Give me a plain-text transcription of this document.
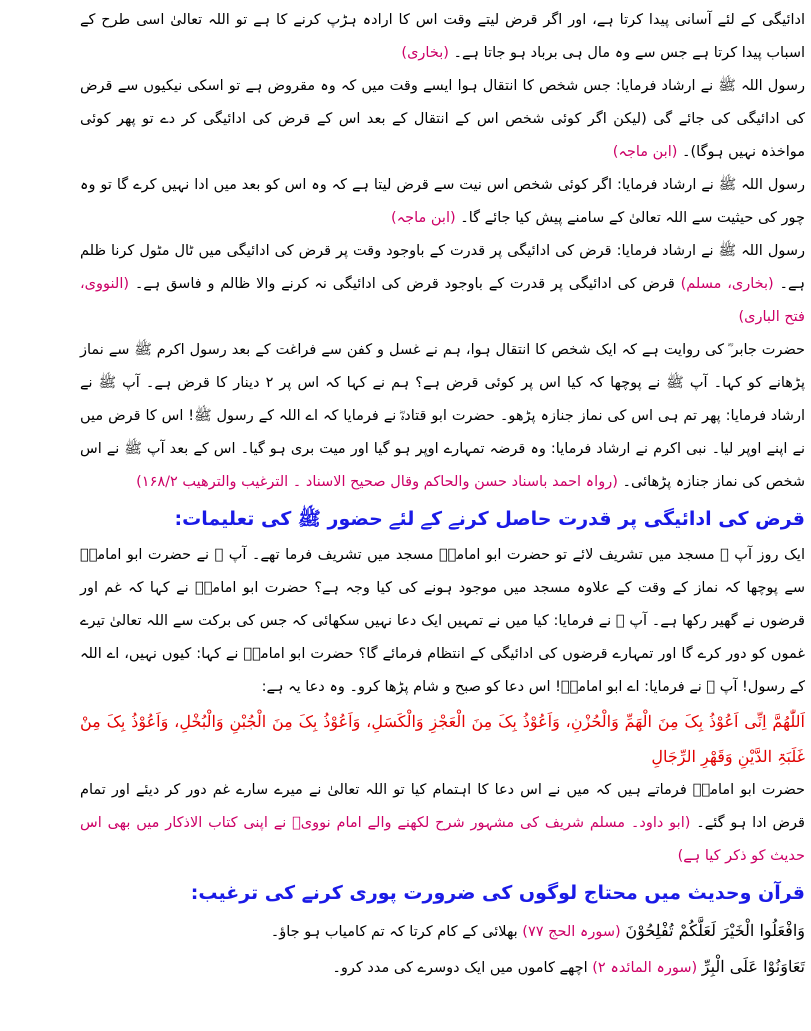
ادائیگی کے لئے آسانی پیدا کرتا ہے، اور اگر قرض لیتے وقت اس کا ارادہ ہڑپ کرنے کا ہے تو اللہ تعالیٰ اسی طرح کے اسباب پیدا کرتا ہے جس سے وہ مال ہی برباد ہو جاتا ہے۔ (بخاری)

رسول اللہ ﷺ نے ارشاد فرمایا: جس شخص کا انتقال ہوا ایسے وقت میں کہ وہ مقروض ہے تو اسکی نیکیوں سے قرض کی ادائیگی کی جائے گی (لیکن اگر کوئی شخص اس کے انتقال کے بعد اس کے قرض کی ادائیگی کر دے تو پھر کوئی مواخذہ نہیں ہوگا)۔ (ابن ماجہ)

رسول اللہ ﷺ نے ارشاد فرمایا: اگر کوئی شخص اس نیت سے قرض لیتا ہے کہ وہ اس کو بعد میں ادا نہیں کرے گا تو وہ چور کی حیثیت سے اللہ تعالیٰ کے سامنے پیش کیا جائے گا۔ (ابن ماجہ)

رسول اللہ ﷺ نے ارشاد فرمایا: قرض کی ادائیگی پر قدرت کے باوجود وقت پر قرض کی ادائیگی میں ٹال مٹول کرنا ظلم ہے۔ (بخاری، مسلم) قرض کی ادائیگی پر قدرت کے باوجود قرض کی ادائیگی نہ کرنے والا ظالم و فاسق ہے۔ (النووی، فتح الباری)

حضرت جابر ؓ کی روایت ہے کہ ایک شخص کا انتقال ہوا، ہم نے غسل و کفن سے فراغت کے بعد رسول اکرم ﷺ سے نماز پڑھانے کو کہا۔ آپ ﷺ نے پوچھا کہ کیا اس پر کوئی قرض ہے؟ ہم نے کہا کہ اس پر ۲ دینار کا قرض ہے۔ آپ ﷺ نے ارشاد فرمایا: پھر تم ہی اس کی نماز جنازہ پڑھو۔ حضرت ابو قتادہؓ نے فرمایا کہ اے اللہ کے رسول ﷺ! اس کا قرض میں نے اپنے اوپر لیا۔ نبی اکرم نے ارشاد فرمایا: وہ قرضہ تمہارے اوپر ہو گیا اور میت بری ہو گیا۔ اس کے بعد آپ ﷺ نے اس شخص کی نماز جنازہ پڑھائی۔ (رواہ احمد باسناد حسن والحاکم وقال صحیح الاسناد ۔ الترغیب والترھیب ۱۶۸/۲)

قرض کی ادائیگی پر قدرت حاصل کرنے کے لئے حضور ﷺ کی تعلیمات:

ایک روز آپ ﷺ مسجد میں تشریف لائے تو حضرت ابو امامہؓ مسجد میں تشریف فرما تھے۔ آپ ﷺ نے حضرت ابو امامہؓ سے پوچھا کہ نماز کے وقت کے علاوہ مسجد میں موجود ہونے کی کیا وجہ ہے؟ حضرت ابو امامہؓ نے کہا کہ غم اور قرضوں نے گھیر رکھا ہے۔ آپ ﷺ نے فرمایا: کیا میں نے تمہیں ایک دعا نہیں سکھائی کہ جس کی برکت سے اللہ تعالیٰ تیرے غموں کو دور کرے گا اور تمہارے قرضوں کی ادائیگی کے انتظام فرمائے گا؟ حضرت ابو امامہؓ نے کہا: کیوں نہیں، اے اللہ کے رسول! آپ ﷺ نے فرمایا: اے ابو امامہؓ! اس دعا کو صبح و شام پڑھا کرو۔ وہ دعا یہ ہے:

اَللّٰھُمَّ اِنِّی اَعُوْذُ بِکَ مِنَ الْھَمِّ وَالْحُزْنِ، وَاَعُوْذُ بِکَ مِنَ الْعَجْزِ وَالْکَسَلِ، وَاَعُوْذُ بِکَ مِنَ الْجُبْنِ وَالْبُخْلِ، وَاَعُوْذُ بِکَ مِنْ غَلَبَۃِ الدَّیْنِ وَقَھْرِ الرِّجَالِ

حضرت ابو امامہؓ فرماتے ہیں کہ میں نے اس دعا کا اہتمام کیا تو اللہ تعالیٰ نے میرے سارے غم دور کر دیئے اور تمام قرض ادا ہو گئے۔ (ابو داود۔ مسلم شریف کی مشہور شرح لکھنے والے امام نوویؒ نے اپنی کتاب الاذکار میں بھی اس حدیث کو ذکر کیا ہے)

قرآن وحدیث میں محتاج لوگوں کی ضرورت پوری کرنے کی ترغیب:

وَافْعَلُوا الْخَیْرَ لَعَلَّکُمْ تُفْلِحُوْنَ (سورہ الحج ۷۷) بھلائی کے کام کرتا کہ تم کامیاب ہو جاؤ۔

تَعَاوَنُوْا عَلَی الْبِرِّ (سورہ المائدہ ۲) اچھے کاموں میں ایک دوسرے کی مدد کرو۔
